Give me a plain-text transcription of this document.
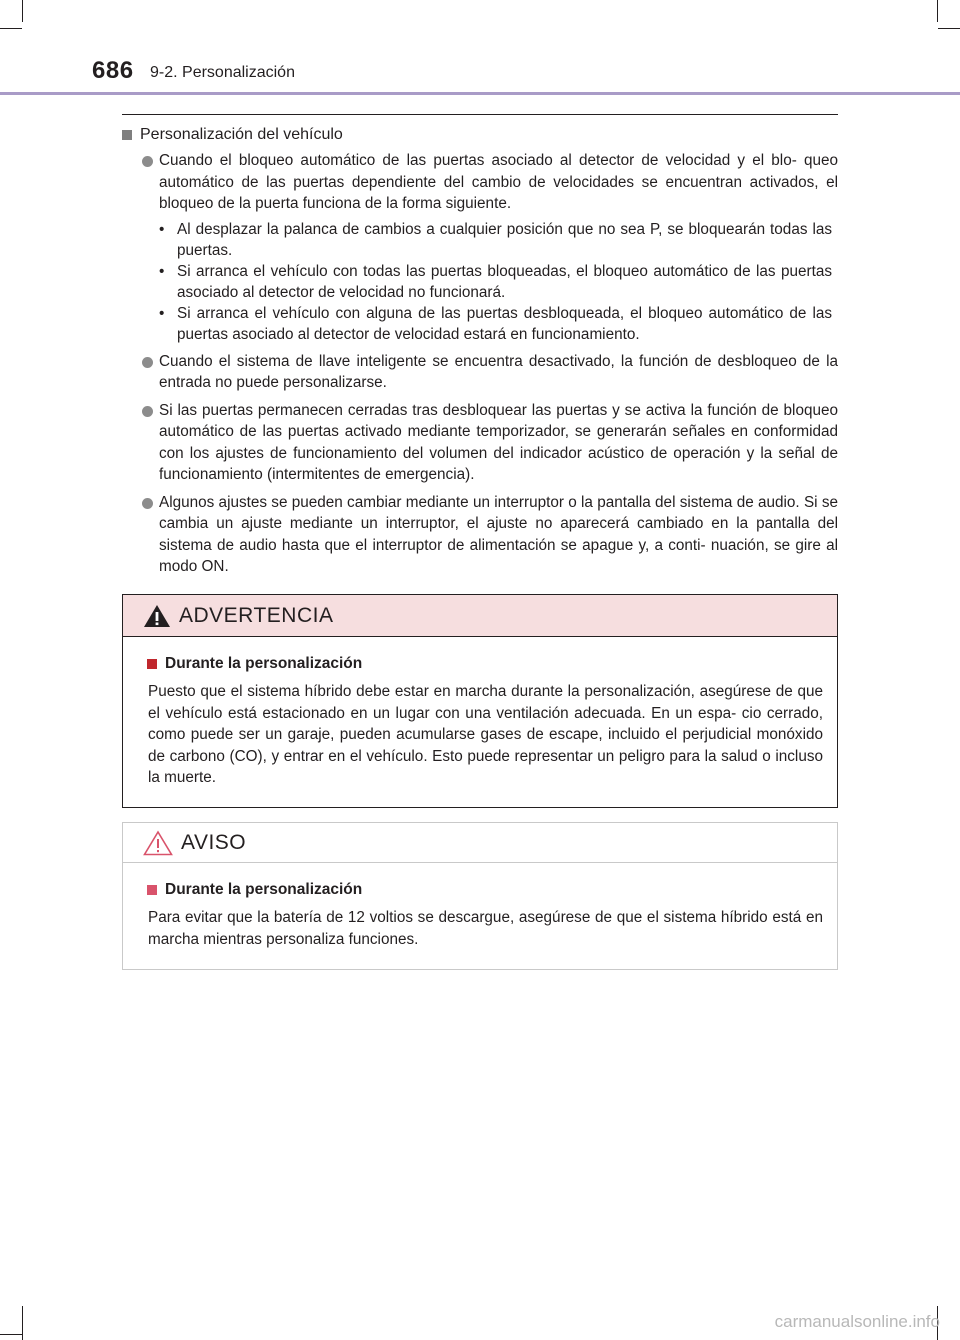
686 9-2. Personalización
Personalización del vehículo
Cuando el bloqueo automático de las puertas asociado al detector de velocidad y el blo- queo automático de las puertas dependiente del cambio de velocidades se encuentran activados, el bloqueo de la puerta funciona de la forma siguiente.
• Al desplazar la palanca de cambios a cualquier posición que no sea P, se bloquearán todas las puertas.
• Si arranca el vehículo con todas las puertas bloqueadas, el bloqueo automático de las puertas asociado al detector de velocidad no funcionará.
• Si arranca el vehículo con alguna de las puertas desbloqueada, el bloqueo automático de las puertas asociado al detector de velocidad estará en funcionamiento.
Cuando el sistema de llave inteligente se encuentra desactivado, la función de desbloqueo de la entrada no puede personalizarse.
Si las puertas permanecen cerradas tras desbloquear las puertas y se activa la función de bloqueo automático de las puertas activado mediante temporizador, se generarán señales en conformidad con los ajustes de funcionamiento del volumen del indicador acústico de operación y la señal de funcionamiento (intermitentes de emergencia).
Algunos ajustes se pueden cambiar mediante un interruptor o la pantalla del sistema de audio. Si se cambia un ajuste mediante un interruptor, el ajuste no aparecerá cambiado en la pantalla del sistema de audio hasta que el interruptor de alimentación se apague y, a conti- nuación, se gire al modo ON.
ADVERTENCIA
Durante la personalización
Puesto que el sistema híbrido debe estar en marcha durante la personalización, asegúrese de que el vehículo está estacionado en un lugar con una ventilación adecuada. En un espa- cio cerrado, como puede ser un garaje, pueden acumularse gases de escape, incluido el perjudicial monóxido de carbono (CO), y entrar en el vehículo. Esto puede representar un peligro para la salud o incluso la muerte.
AVISO
Durante la personalización
Para evitar que la batería de 12 voltios se descargue, asegúrese de que el sistema híbrido está en marcha mientras personaliza funciones.
carmanualsonline.info
